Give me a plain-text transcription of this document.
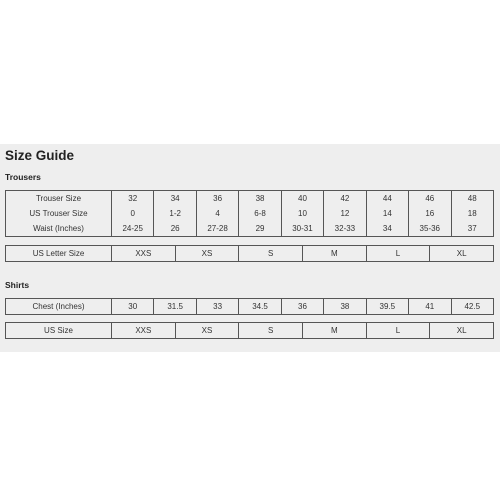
Size Guide
Trousers
Trouser Size	32	34	36	38	40	42	44	46	48
US Trouser Size	0	1-2	4	6-8	10	12	14	16	18
Waist (Inches)	24-25	26	27-28	29	30-31	32-33	34	35-36	37
US Letter Size	XXS	XS	S	M	L	XL
Shirts
Chest (Inches)	30	31.5	33	34.5	36	38	39.5	41	42.5
US Size	XXS	XS	S	M	L	XL
